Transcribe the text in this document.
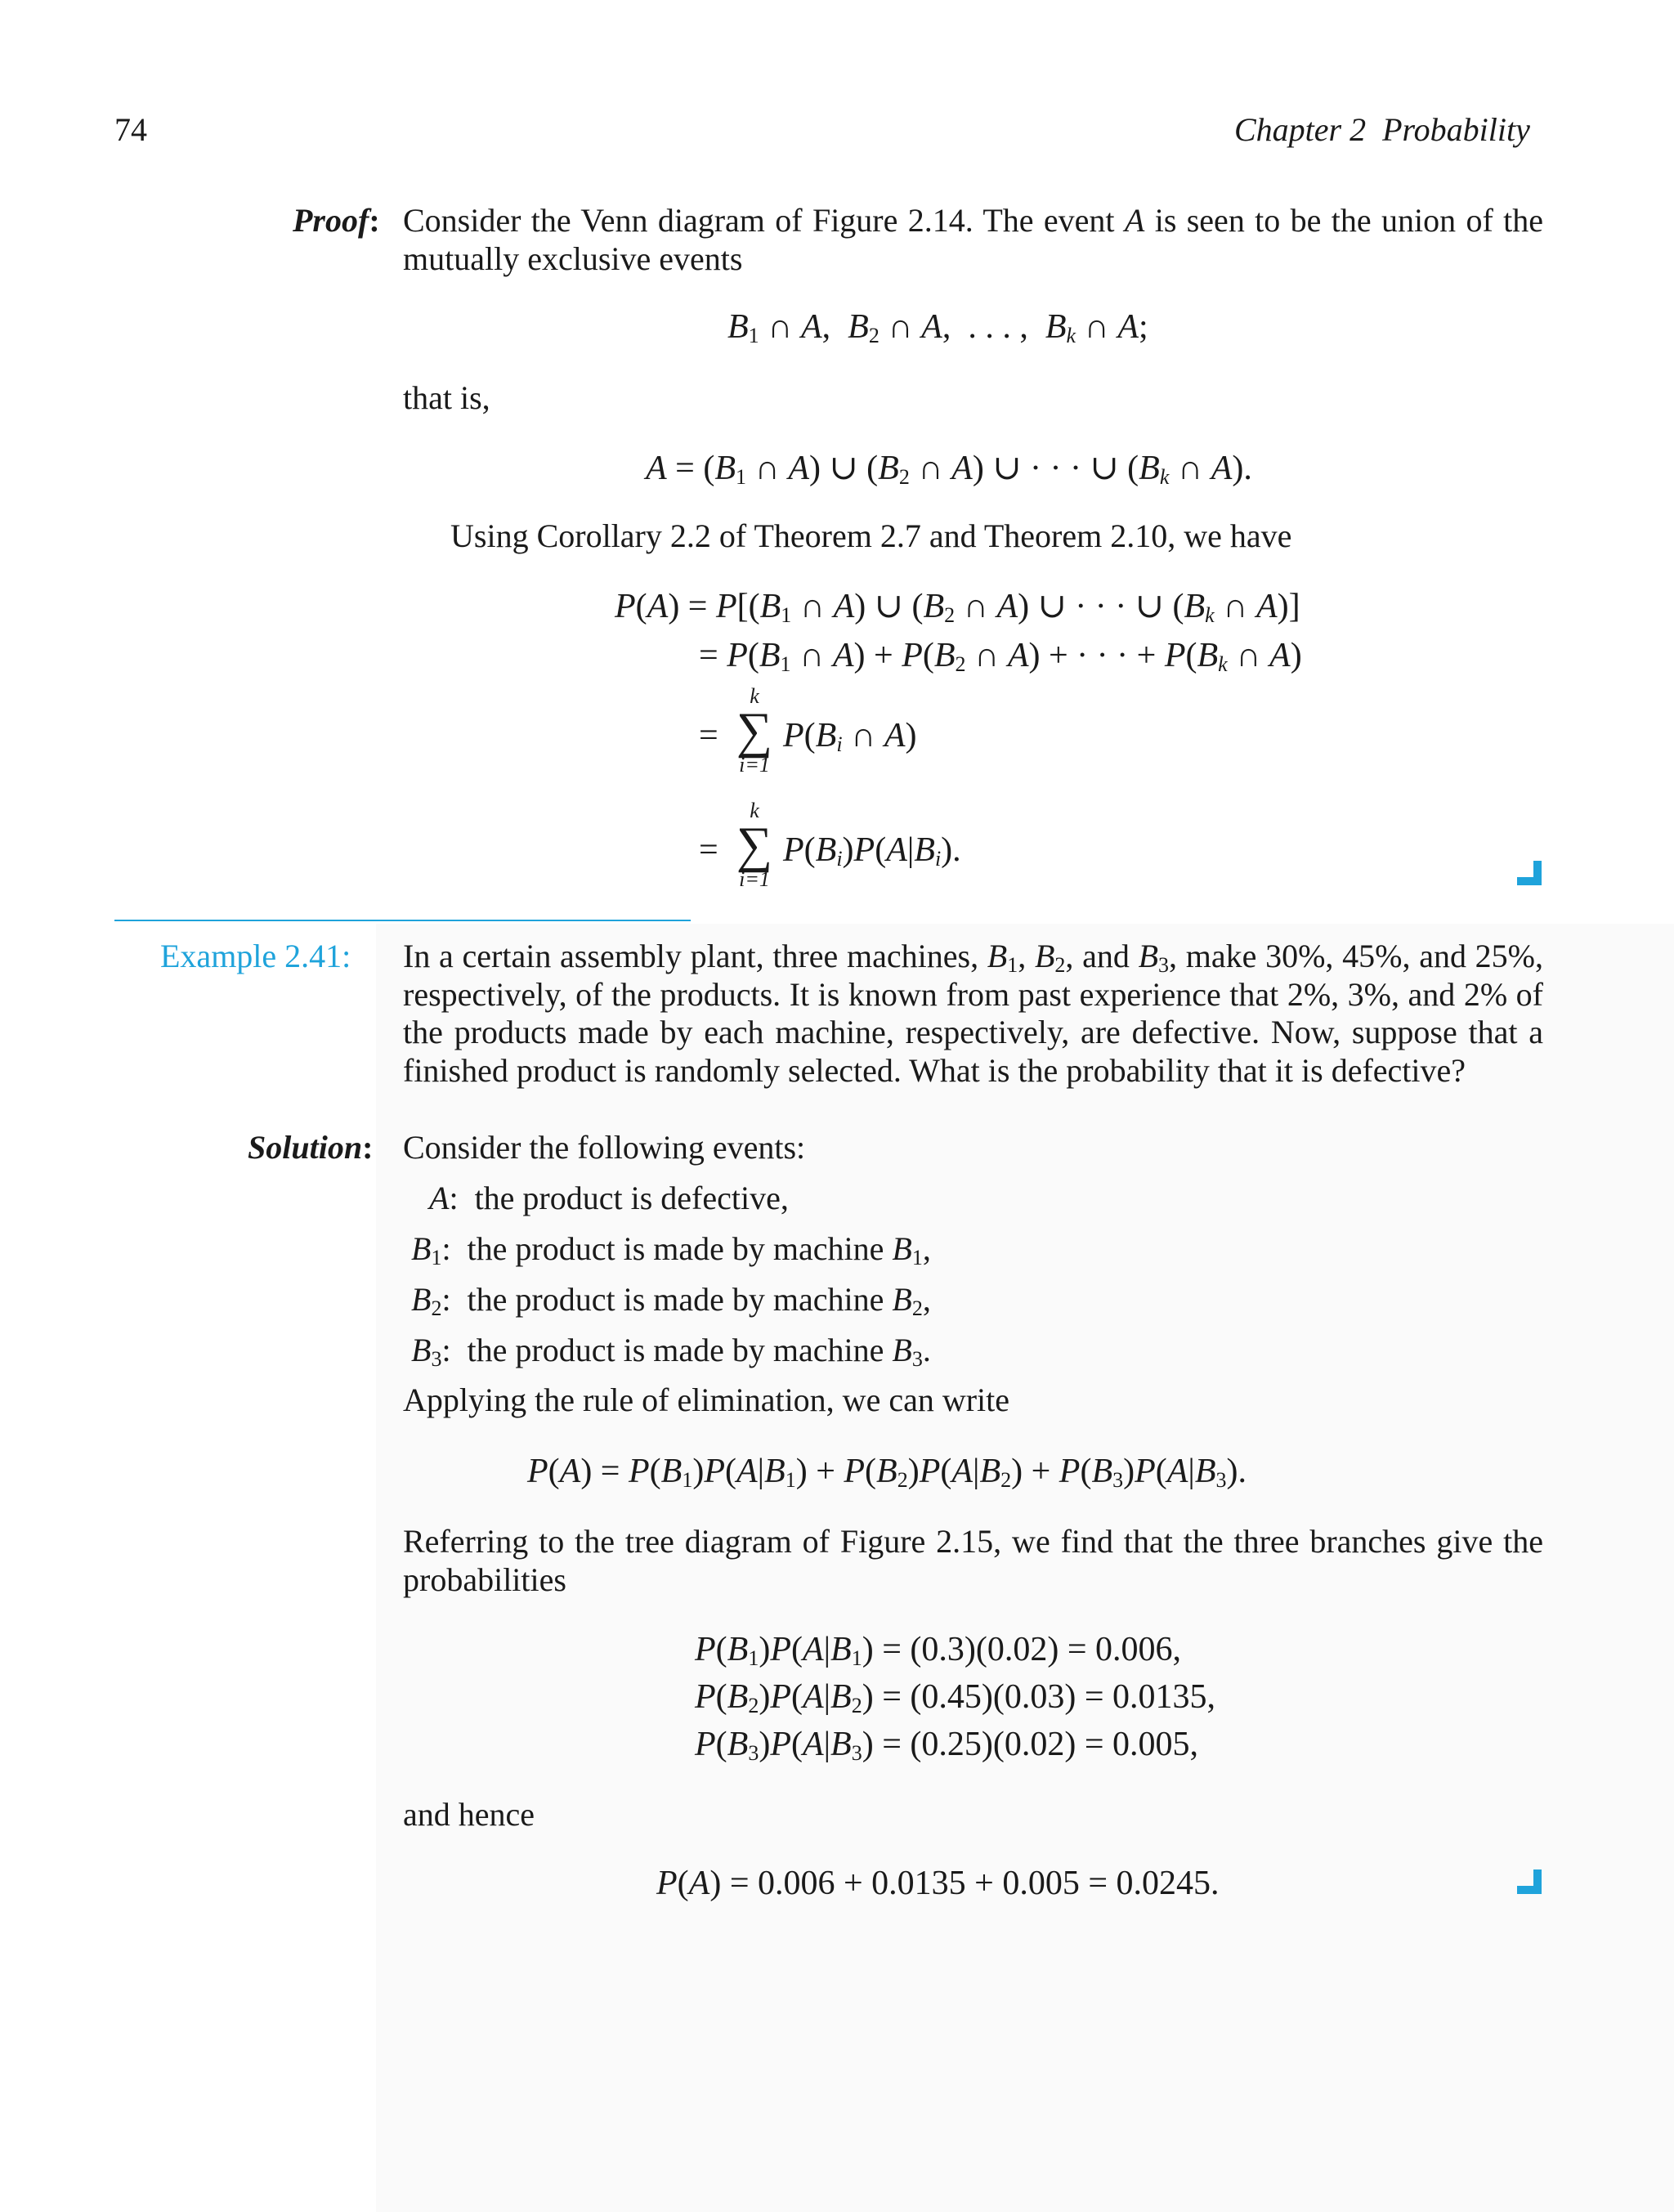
74	Chapter 2  Probability
Proof: Consider the Venn diagram of Figure 2.14. The event A is seen to be the union of the mutually exclusive events
$B_1$ ∩ A,  $B_2$ ∩ A,  . . . ,  $B_k$ ∩ A;
that is,
$A = (B_1$ ∩ A) ∪ ($B_2$ ∩ A) ∪ · · · ∪ ($B_k$ ∩ A).
Using Corollary 2.2 of Theorem 2.7 and Theorem 2.10, we have
$P(A) = P[(B_1$ ∩ A) ∪ ($B_2$ ∩ A) ∪ · · · ∪ ($B_k$ ∩ A)]
= $P(B_1$ ∩ $A) + P(B_2$ ∩ A) + · · · + $P(B_k$ ∩ A)
=
k
∑
i=1
$P(B_i$ ∩ A)
=
k
∑
i=1
$P(B_i)P(A|B_i)$.
Example 2.41: In a certain assembly plant, three machines, $B_1$, $B_2$, and $B_3$, make 30%, 45%, and 25%, respectively, of the products. It is known from past experience that 2%, 3%, and 2% of the products made by each machine, respectively, are defective. Now, suppose that a finished product is randomly selected. What is the probability that it is defective?
Solution: Consider the following events:
A:  the product is defective,
$B_1$:  the product is made by machine $B_1$,
$B_2$:  the product is made by machine $B_2$,
$B_3$:  the product is made by machine $B_3$.
Applying the rule of elimination, we can write
$P(A) = P(B_1)P(A|B_1) + P(B_2)P(A|B_2) + P(B_3)P(A|B_3)$.
Referring to the tree diagram of Figure 2.15, we find that the three branches give the probabilities
$P(B_1)P(A|B_1) = (0.3)(0.02) = 0.006$,
$P(B_2)P(A|B_2) = (0.45)(0.03) = 0.0135$,
$P(B_3)P(A|B_3) = (0.25)(0.02) = 0.005$,
and hence
P(A) = 0.006 + 0.0135 + 0.005 = 0.0245.
